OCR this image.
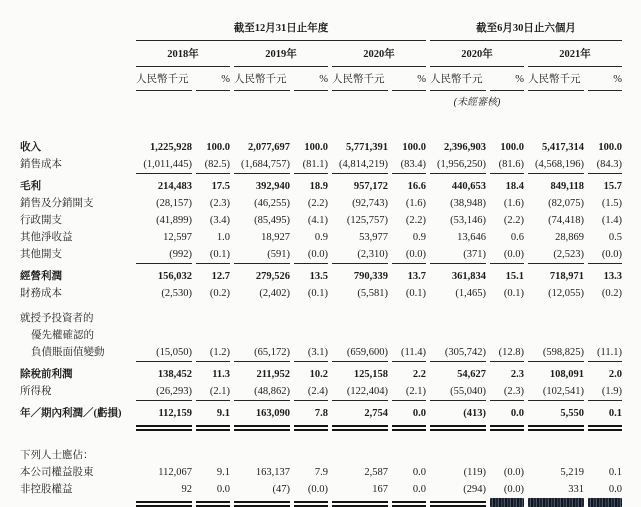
	截至12月31日止年度						截至6月30日止六個月			
	2018年		2019年		2020年		2020年		2021年	
	人民幣千元	%	人民幣千元	%	人民幣千元	%	人民幣千元	%	人民幣千元	%
							(未經審核)			

收入	1,225,928	100.0	2,077,697	100.0	5,771,391	100.0	2,396,903	100.0	5,417,314	100.0
銷售成本	(1,011,445)	(82.5)	(1,684,757)	(81.1)	(4,814,219)	(83.4)	(1,956,250)	(81.6)	(4,568,196)	(84.3)

毛利	214,483	17.5	392,940	18.9	957,172	16.6	440,653	18.4	849,118	15.7
銷售及分銷開支	(28,157)	(2.3)	(46,255)	(2.2)	(92,743)	(1.6)	(38,948)	(1.6)	(82,075)	(1.5)
行政開支	(41,899)	(3.4)	(85,495)	(4.1)	(125,757)	(2.2)	(53,146)	(2.2)	(74,418)	(1.4)
其他淨收益	12,597	1.0	18,927	0.9	53,977	0.9	13,646	0.6	28,869	0.5
其他開支	(992)	(0.1)	(591)	(0.0)	(2,310)	(0.0)	(371)	(0.0)	(2,523)	(0.0)

經營利潤	156,032	12.7	279,526	13.5	790,339	13.7	361,834	15.1	718,971	13.3
財務成本	(2,530)	(0.2)	(2,402)	(0.1)	(5,581)	(0.1)	(1,465)	(0.1)	(12,055)	(0.2)

就授予投資者的										
優先權確認的										
負債賬面值變動	(15,050)	(1.2)	(65,172)	(3.1)	(659,600)	(11.4)	(305,742)	(12.8)	(598,825)	(11.1)

除稅前利潤	138,452	11.3	211,952	10.2	125,158	2.2	54,627	2.3	108,091	2.0
所得稅	(26,293)	(2.1)	(48,862)	(2.4)	(122,404)	(2.1)	(55,040)	(2.3)	(102,541)	(1.9)

年／期內利潤／(虧損)	112,159	9.1	163,090	7.8	2,754	0.0	(413)	0.0	5,550	0.1

下列人士應佔：										
本公司權益股東	112,067	9.1	163,137	7.9	2,587	0.0	(119)	(0.0)	5,219	0.1
非控股權益	92	0.0	(47)	(0.0)	167	0.0	(294)	(0.0)	331	0.0
